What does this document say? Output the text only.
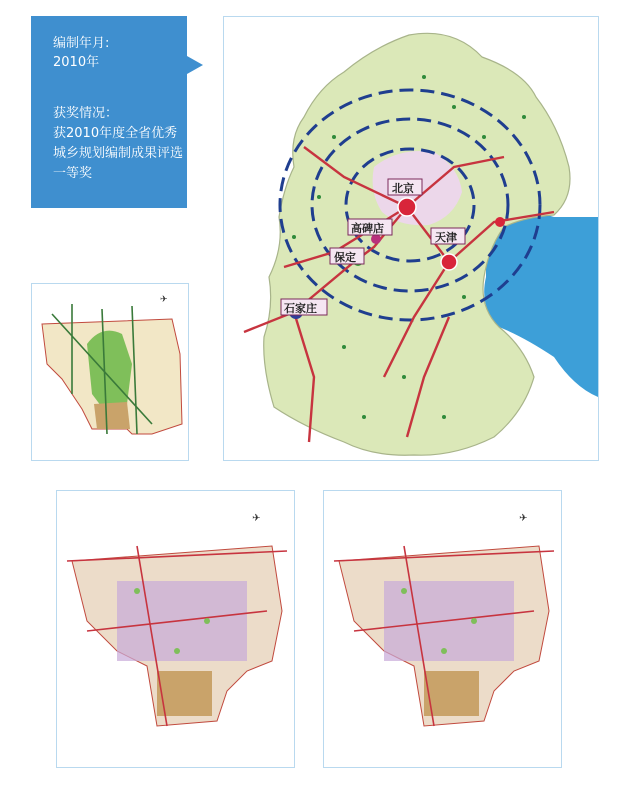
编制年月:
2010年
获奖情况：
获2010年度全省优秀城乡规划编制成果评选一等奖
北京
天津
高碑店
保定
石家庄
✈
✈	✈
